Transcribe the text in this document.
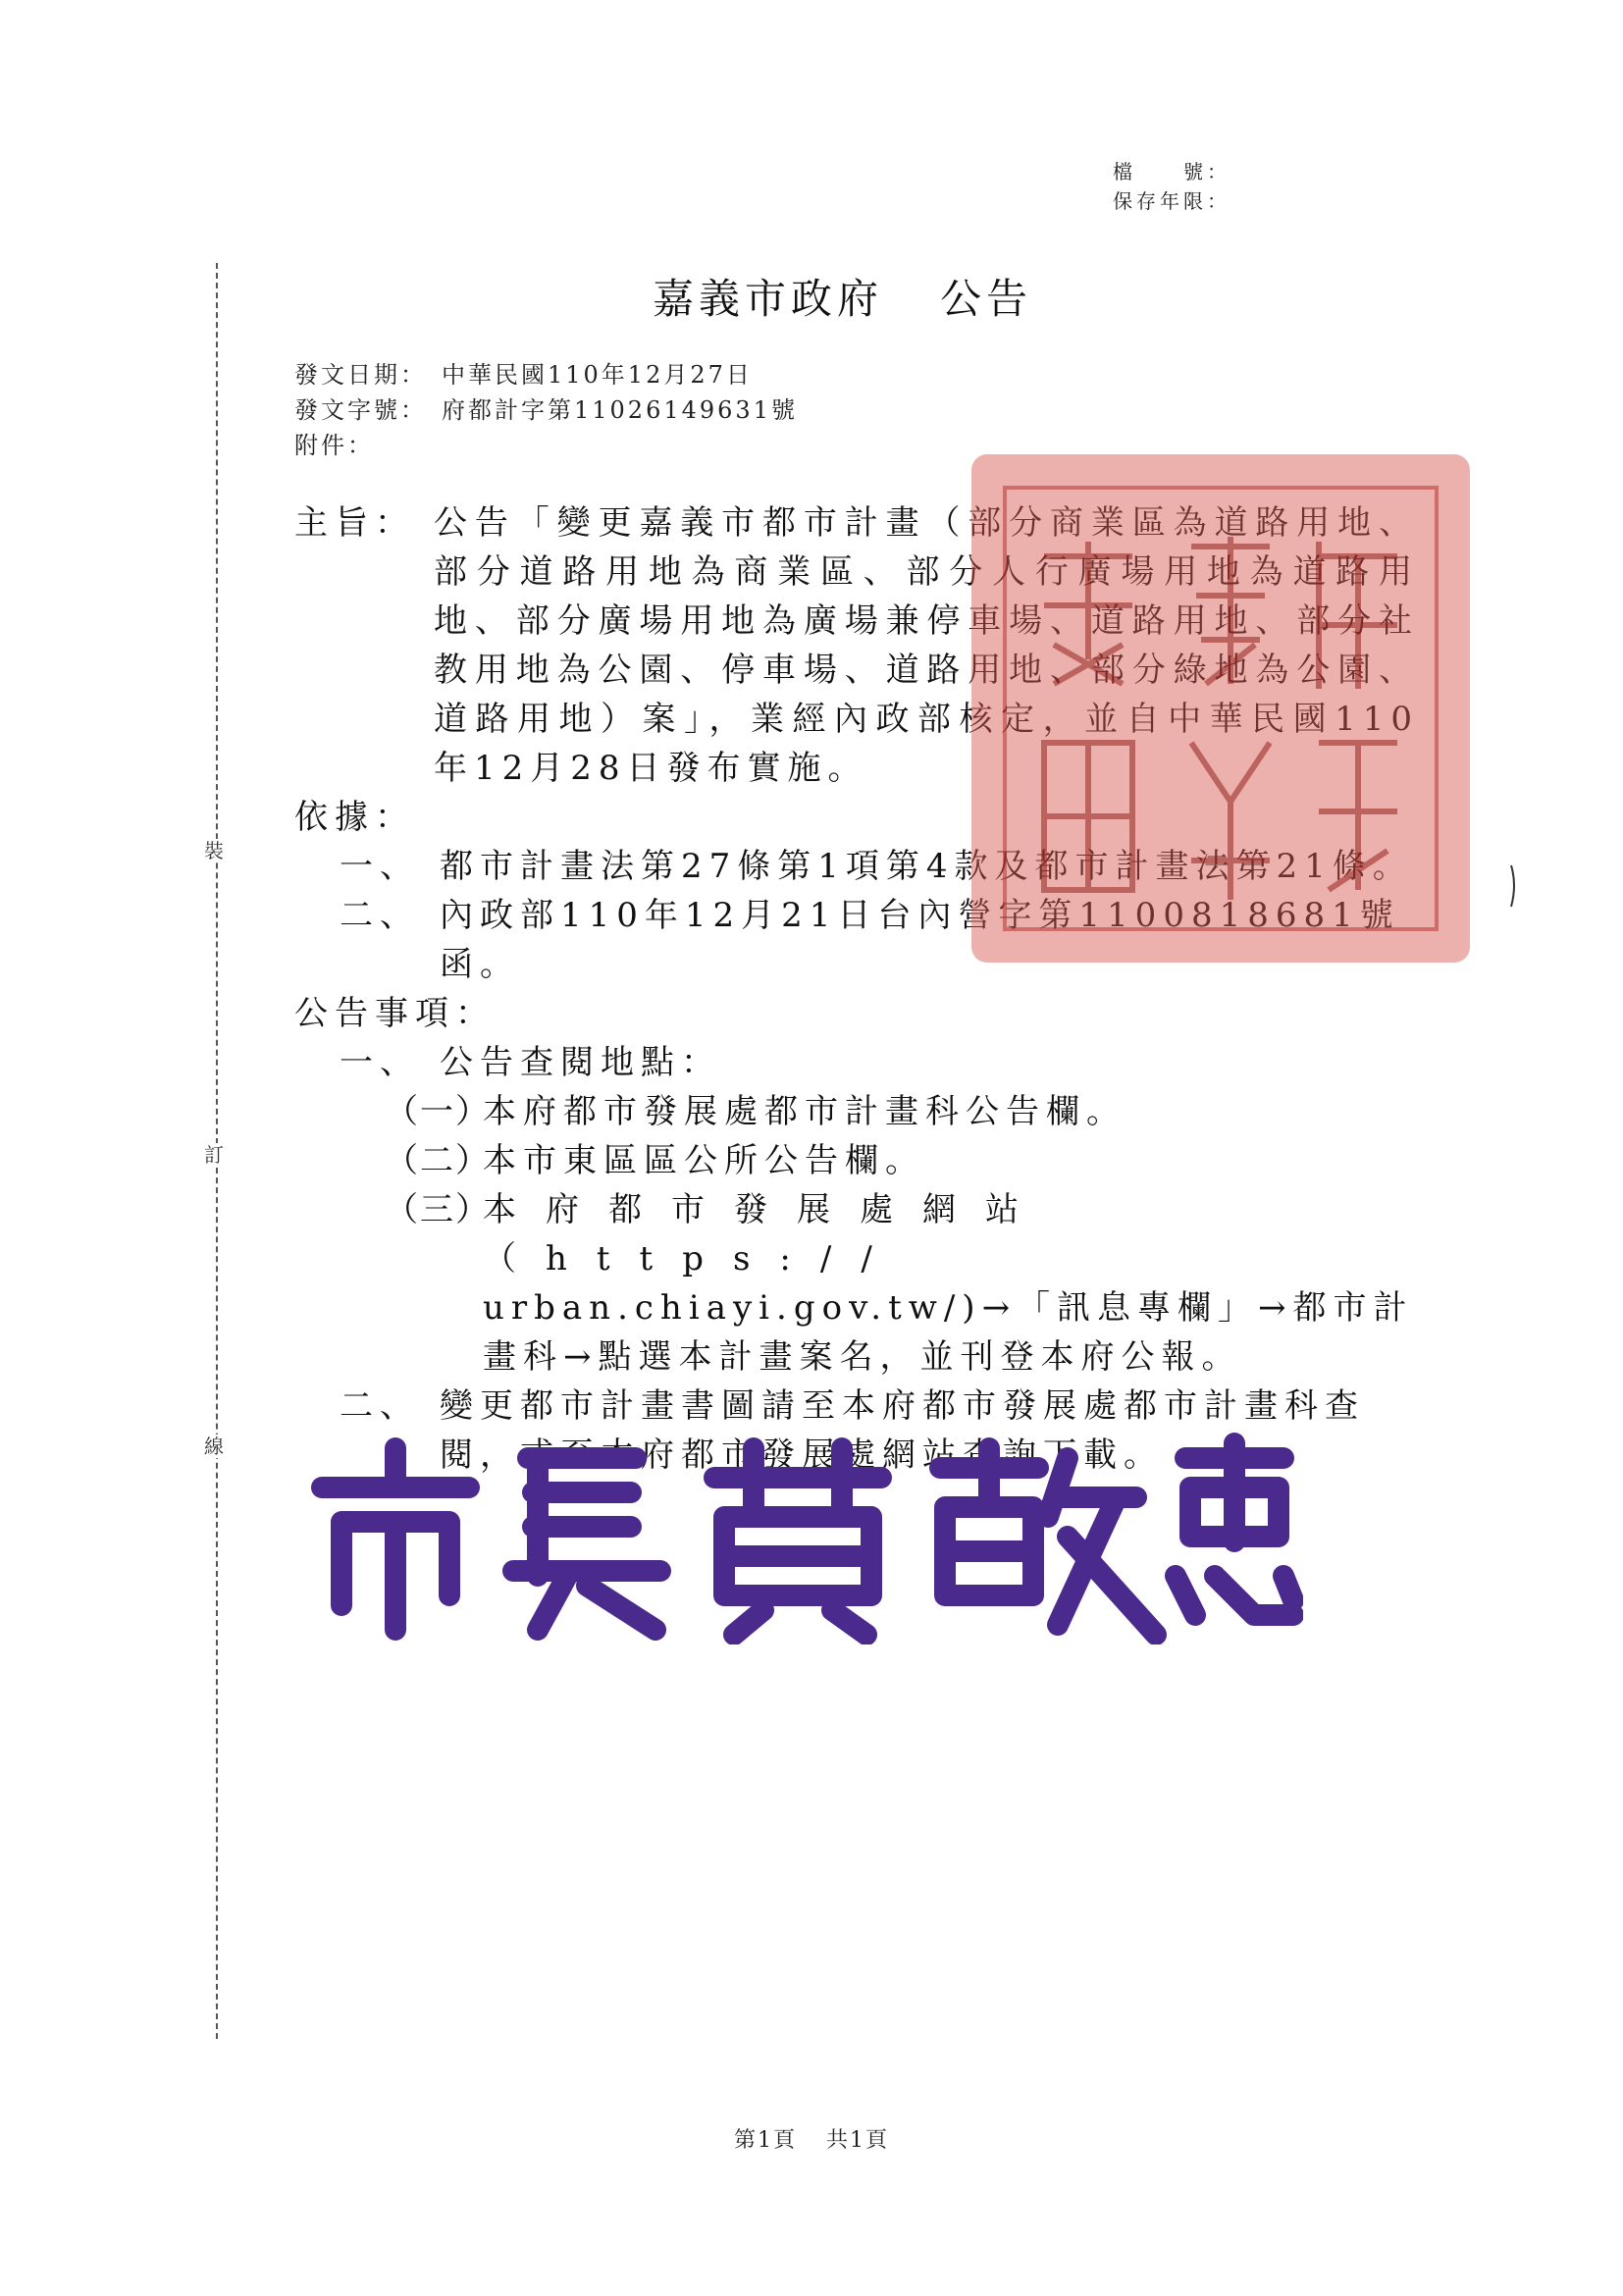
檔　　號：
保存年限：
裝
訂
線
嘉義市政府 公告
發文日期：　中華民國110年12月27日
發文字號：　府都計字第11026149631號
附件：
主旨： 公告「變更嘉義市都市計畫（部分商業區為道路用地、部分道路用地為商業區、部分人行廣場用地為道路用地、部分廣場用地為廣場兼停車場、道路用地、部分社教用地為公園、停車場、道路用地、部分綠地為公園、道路用地）案」，業經內政部核定，並自中華民國110年12月28日發布實施。
依據：
一、 都市計畫法第27條第1項第4款及都市計畫法第21條。
二、 內政部110年12月21日台內營字第1100818681號函。
公告事項：
一、 公告查閱地點：
（一）
本府都市發展處都市計畫科公告欄。
（二）
本市東區區公所公告欄。
（三）
本府都市發展處網站（https://
urban.chiayi.gov.tw/)→「訊息專欄」→都市計畫科→點選本計畫案名，並刊登本府公報。
二、 變更都市計畫書圖請至本府都市發展處都市計畫科查閱，或至本府都市發展處網站查詢下載。
第1頁 共1頁
